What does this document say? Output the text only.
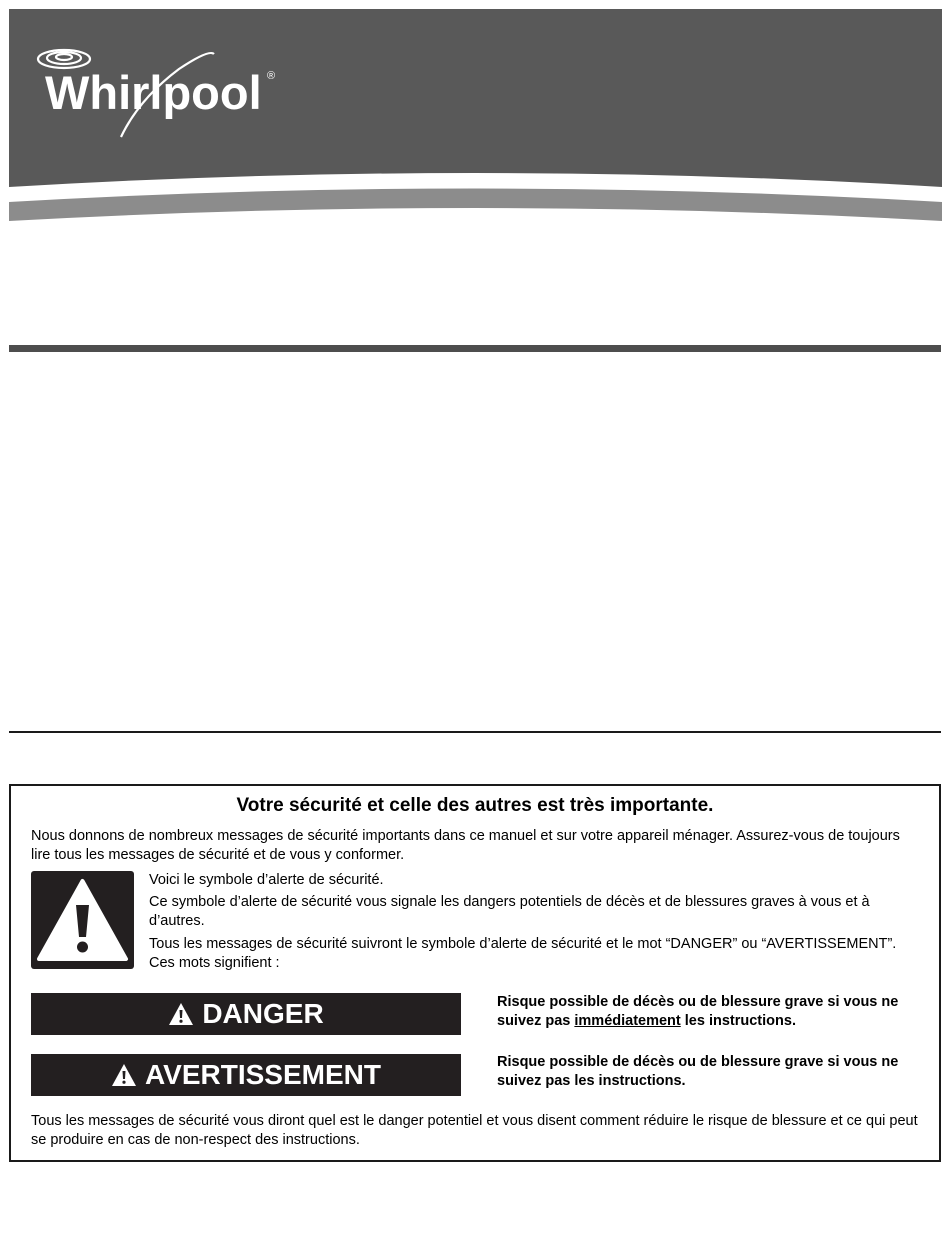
Whirlpool ®
Votre sécurité et celle des autres est très importante.

Nous donnons de nombreux messages de sécurité importants dans ce manuel et sur votre appareil ménager. Assurez-vous de toujours lire tous les messages de sécurité et de vous y conformer.

Voici le symbole d’alerte de sécurité.

Ce symbole d’alerte de sécurité vous signale les dangers potentiels de décès et de blessures graves à vous et à d’autres.

Tous les messages de sécurité suivront le symbole d’alerte de sécurité et le mot “DANGER” ou “AVERTISSEMENT”. Ces mots signifient :

DANGER	Risque possible de décès ou de blessure grave si vous ne suivez pas immédiatement les instructions.

AVERTISSEMENT	Risque possible de décès ou de blessure grave si vous ne suivez pas les instructions.

Tous les messages de sécurité vous diront quel est le danger potentiel et vous disent comment réduire le risque de blessure et ce qui peut se produire en cas de non-respect des instructions.
